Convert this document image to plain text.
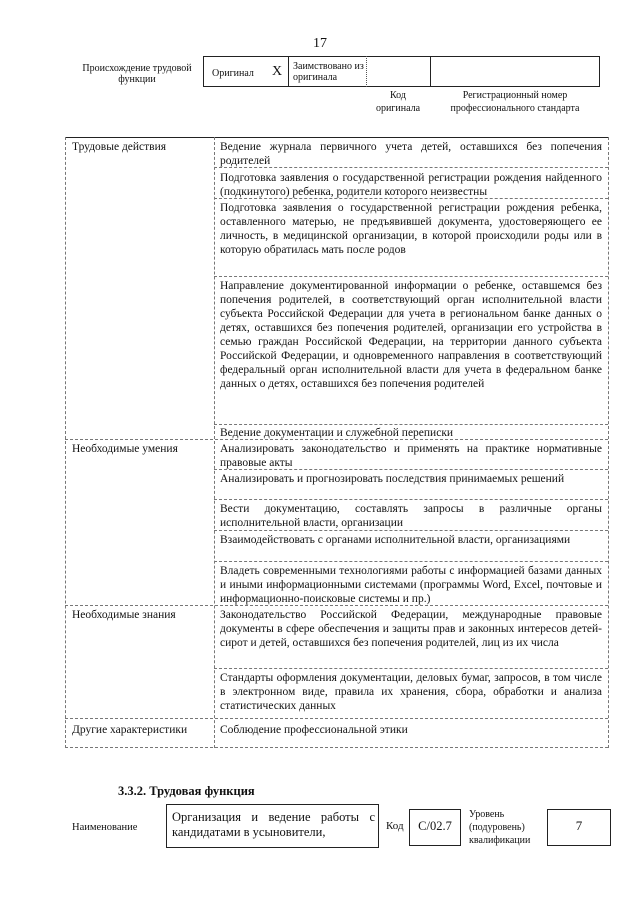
17
Происхождение трудовой функции
Оригинал X Заимствовано из оригинала
Код оригинала
Регистрационный номер профессионального стандарта
Трудовые действия
Необходимые умения
Необходимые знания
Другие характеристики
Ведение журнала первичного учета детей, оставшихся без попечения родителей
Подготовка заявления о государственной регистрации рождения найденного (подкинутого) ребенка, родители которого неизвестны
Подготовка заявления о государственной регистрации рождения ребенка, оставленного матерью, не предъявившей документа, удостоверяющего ее личность, в медицинской организации, в которой происходили роды или в которую обратилась мать после родов
Направление документированной информации о ребенке, оставшемся без попечения родителей, в соответствующий орган исполнительной власти субъекта Российской Федерации для учета в региональном банке данных о детях, оставшихся без попечения родителей, организации его устройства в семью граждан Российской Федерации, на территории данного субъекта Российской Федерации, и одновременного направления в соответствующий федеральный орган исполнительной власти для учета в федеральном банке данных о детях, оставшихся без попечения родителей
Ведение документации и служебной переписки
Анализировать законодательство и применять на практике нормативные правовые акты
Анализировать и прогнозировать последствия принимаемых решений
Вести документацию, составлять запросы в различные органы исполнительной власти, организации
Взаимодействовать с органами исполнительной власти, организациями
Владеть современными технологиями работы с информацией базами данных и иными информационными системами (программы Word, Excel, почтовые и информационно-поисковые системы и пр.)
Законодательство Российской Федерации, международные правовые документы в сфере обеспечения и защиты прав и законных интересов детей-сирот и детей, оставшихся без попечения родителей, лиц из их числа
Стандарты оформления документации, деловых бумаг, запросов, в том числе в электронном виде, правила их хранения, сбора, обработки и анализа статистических данных
Соблюдение профессиональной этики
3.3.2. Трудовая функция
Наименование
Организация и ведение работы с кандидатами в усыновители,	Код	C/02.7
Уровень (подуровень) квалификации
7
